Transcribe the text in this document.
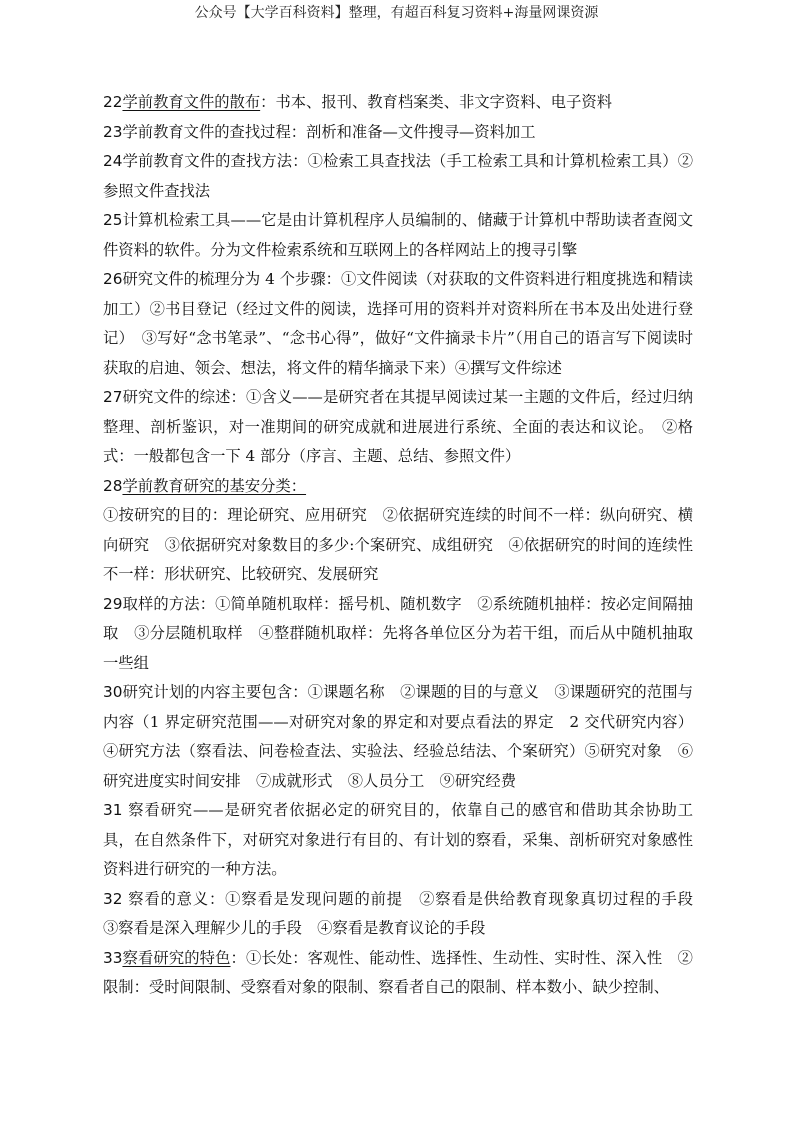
公众号【大学百科资料】整理，有超百科复习资料+海量网课资源

22学前教育文件的散布：书本、报刊、教育档案类、非文字资料、电子资料

23学前教育文件的查找过程：剖析和准备—文件搜寻—资料加工

24学前教育文件的查找方法：①检索工具查找法（手工检索工具和计算机检索工具）②参照文件查找法

25计算机检索工具——它是由计算机程序人员编制的、储藏于计算机中帮助读者查阅文件资料的软件。分为文件检索系统和互联网上的各样网站上的搜寻引擎

26研究文件的梳理分为 4 个步骤：①文件阅读（对获取的文件资料进行粗度挑选和精读加工）②书目登记（经过文件的阅读，选择可用的资料并对资料所在书本及出处进行登记）　③写好“念书笔录”、“念书心得”，做好“文件摘录卡片”（用自己的语言写下阅读时获取的启迪、领会、想法，将文件的精华摘录下来）④撰写文件综述

27研究文件的综述：①含义——是研究者在其提早阅读过某一主题的文件后，经过归纳整理、剖析鉴识，对一准期间的研究成就和进展进行系统、全面的表达和议论。　②格式：一般都包含一下 4 部分（序言、主题、总结、参照文件）

28学前教育研究的基安分类：

①按研究的目的：理论研究、应用研究　②依据研究连续的时间不一样：纵向研究、横向研究　③依据研究对象数目的多少:个案研究、成组研究　④依据研究的时间的连续性不一样：形状研究、比较研究、发展研究

29取样的方法：①简单随机取样：摇号机、随机数字　②系统随机抽样：按必定间隔抽取　③分层随机取样　④整群随机取样：先将各单位区分为若干组，而后从中随机抽取一些组

30研究计划的内容主要包含：①课题名称　②课题的目的与意义　③课题研究的范围与内容（1 界定研究范围——对研究对象的界定和对要点看法的界定　2 交代研究内容）④研究方法（察看法、问卷检查法、实验法、经验总结法、个案研究）⑤研究对象　⑥研究进度实时间安排　⑦成就形式　⑧人员分工　⑨研究经费

31 察看研究——是研究者依据必定的研究目的，依靠自己的感官和借助其余协助工具，在自然条件下，对研究对象进行有目的、有计划的察看，采集、剖析研究对象感性资料进行研究的一种方法。

32 察看的意义：①察看是发现问题的前提　②察看是供给教育现象真切过程的手段　③察看是深入理解少儿的手段　④察看是教育议论的手段

33察看研究的特色：①长处：客观性、能动性、选择性、生动性、实时性、深入性　②限制：受时间限制、受察看对象的限制、察看者自己的限制、样本数小、缺少控制、
